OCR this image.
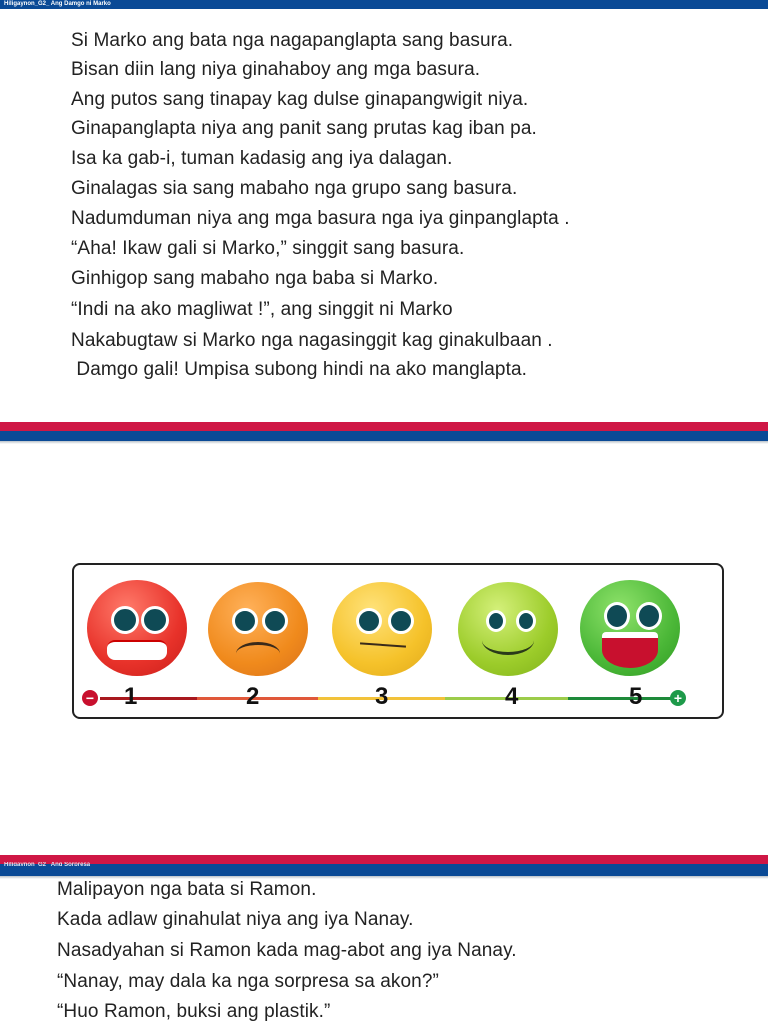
Hiligaynon_G2_ Ang Damgo ni Marko
Si Marko ang bata nga nagapanglapta sang basura.
Bisan diin lang niya ginahaboy ang mga basura.
Ang putos sang tinapay kag dulse ginapangwigit niya.
Ginapanglapta niya ang panit sang prutas kag iban pa.
Isa ka gab-i, tuman kadasig ang iya dalagan.
Ginalagas sia sang mabaho nga grupo sang basura.
Nadumduman niya ang mga basura nga iya ginpanglapta .
“Aha! Ikaw gali si Marko,” singgit sang basura.
Ginhigop sang mabaho nga baba si Marko.
“Indi na ako magliwat !”, ang singgit ni Marko
Nakabugtaw si Marko nga nagasinggit kag ginakulbaan .
Damgo gali! Umpisa subong hindi na ako manglapta.
−	+
1	2	3	4	5
Hiligaynon_G2_ Ang Sorpresa
Malipayon nga bata si Ramon.
Kada adlaw ginahulat niya ang iya Nanay.
Nasadyahan si Ramon kada mag-abot ang iya Nanay.
“Nanay, may dala ka nga sorpresa sa akon?”
“Huo Ramon, buksi ang plastik.”
